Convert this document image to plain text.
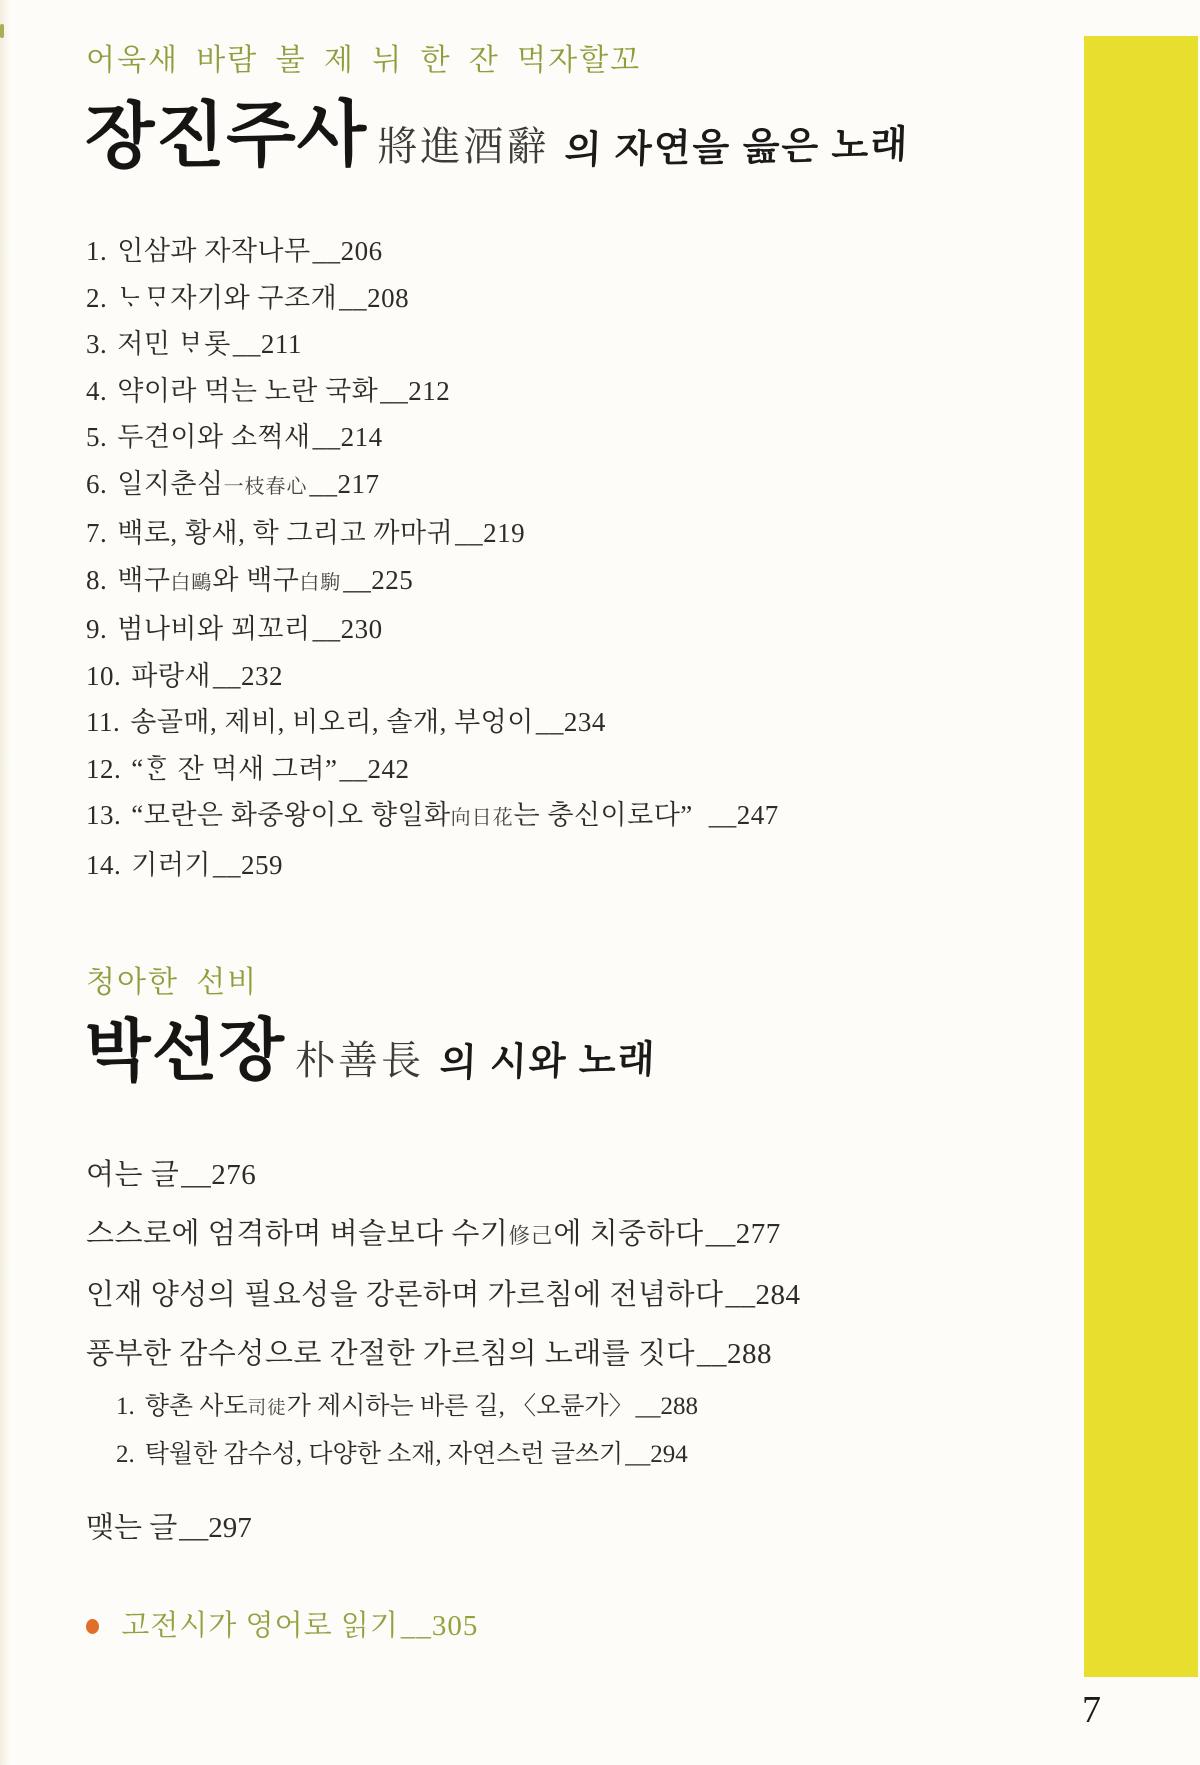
어욱새 바람 불 제 뉘 한 잔 먹자할꼬
장진주사 將進酒辭 의 자연을 읊은 노래
1. 인삼과 자작나무__206
2. ᄂᆞᄆᆞ자기와 구조개__208
3. 저민 ᄇᆞ롯__211
4. 약이라 먹는 노란 국화__212
5. 두견이와 소쩍새__214
6. 일지춘심一枝春心__217
7. 백로, 황새, 학 그리고 까마귀__219
8. 백구白鷗와 백구白駒__225
9. 범나비와 꾀꼬리__230
10. 파랑새__232
11. 송골매, 제비, 비오리, 솔개, 부엉이__234
12. “ᄒᆞᆫ 잔 먹새 그려”__242
13. “모란은 화중왕이오 향일화向日花는 충신이로다” __247
14. 기러기__259
청아한 선비
박선장 朴善長 의 시와 노래
여는 글__276
스스로에 엄격하며 벼슬보다 수기修己에 치중하다__277
인재 양성의 필요성을 강론하며 가르침에 전념하다__284
풍부한 감수성으로 간절한 가르침의 노래를 짓다__288
1. 향촌 사도司徒가 제시하는 바른 길, 〈오륜가〉__288
2. 탁월한 감수성, 다양한 소재, 자연스런 글쓰기__294
맺는 글__297
고전시가 영어로 읽기__305
7
